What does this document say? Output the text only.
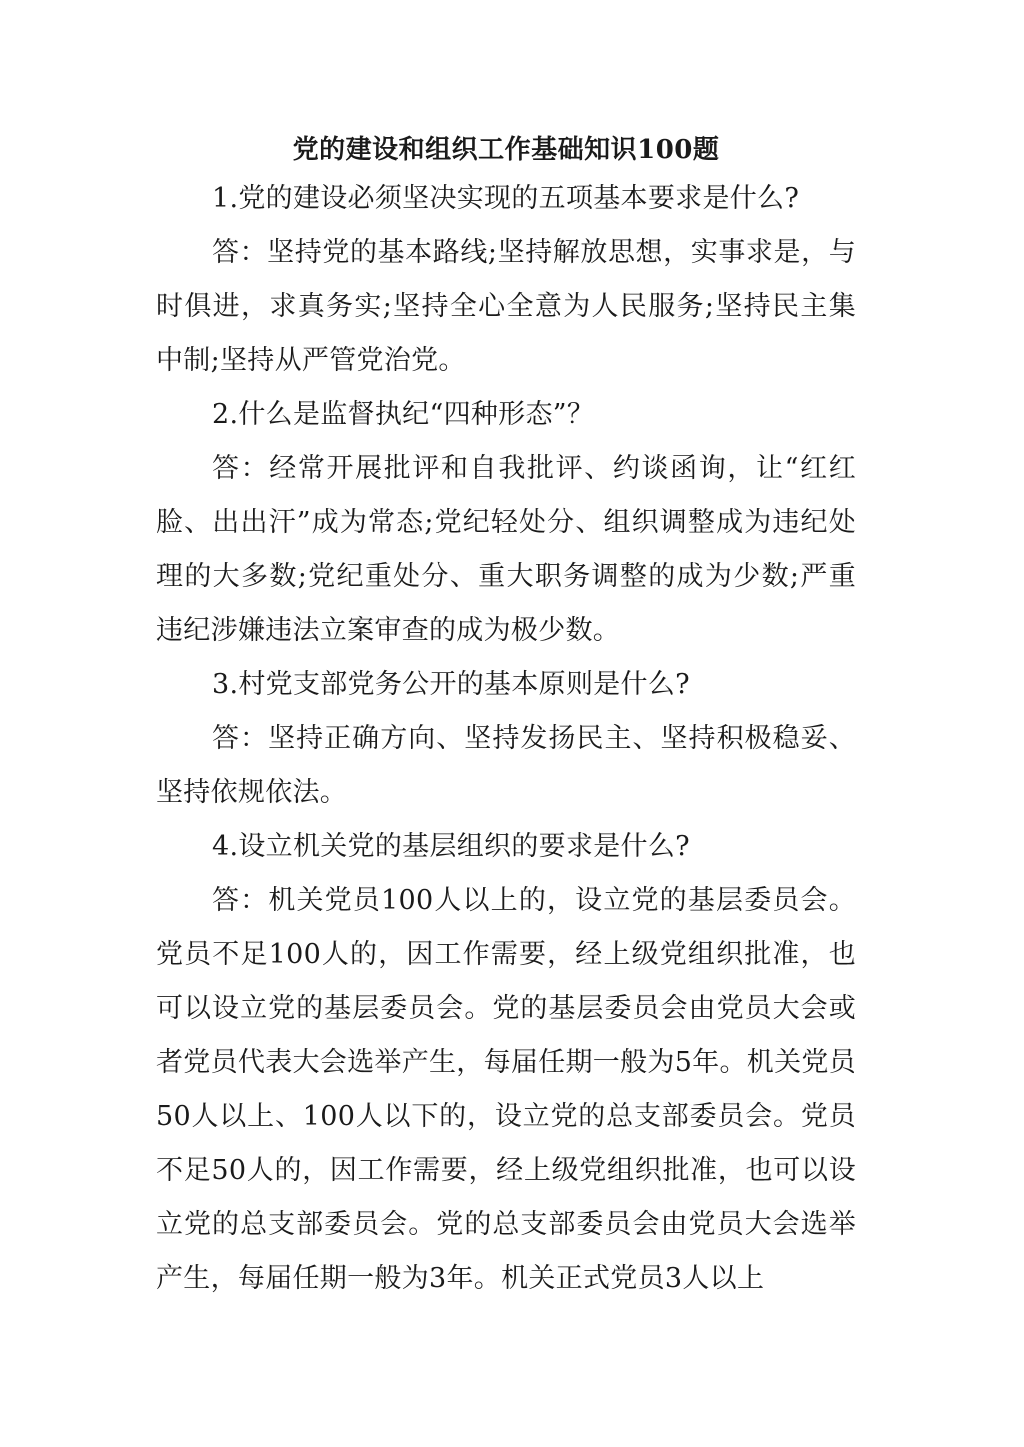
党的建设和组织工作基础知识100题

1.党的建设必须坚决实现的五项基本要求是什么?

答：坚持党的基本路线;坚持解放思想，实事求是，与时俱进，求真务实;坚持全心全意为人民服务;坚持民主集中制;坚持从严管党治党。

2.什么是监督执纪“四种形态”？

答：经常开展批评和自我批评、约谈函询，让“红红脸、出出汗”成为常态;党纪轻处分、组织调整成为违纪处理的大多数;党纪重处分、重大职务调整的成为少数;严重违纪涉嫌违法立案审查的成为极少数。

3.村党支部党务公开的基本原则是什么?

答：坚持正确方向、坚持发扬民主、坚持积极稳妥、坚持依规依法。

4.设立机关党的基层组织的要求是什么?

答：机关党员100人以上的，设立党的基层委员会。党员不足100人的，因工作需要，经上级党组织批准，也可以设立党的基层委员会。党的基层委员会由党员大会或者党员代表大会选举产生，每届任期一般为5年。机关党员50人以上、100人以下的，设立党的总支部委员会。党员不足50人的，因工作需要，经上级党组织批准，也可以设立党的总支部委员会。党的总支部委员会由党员大会选举产生，每届任期一般为3年。机关正式党员3人以上
